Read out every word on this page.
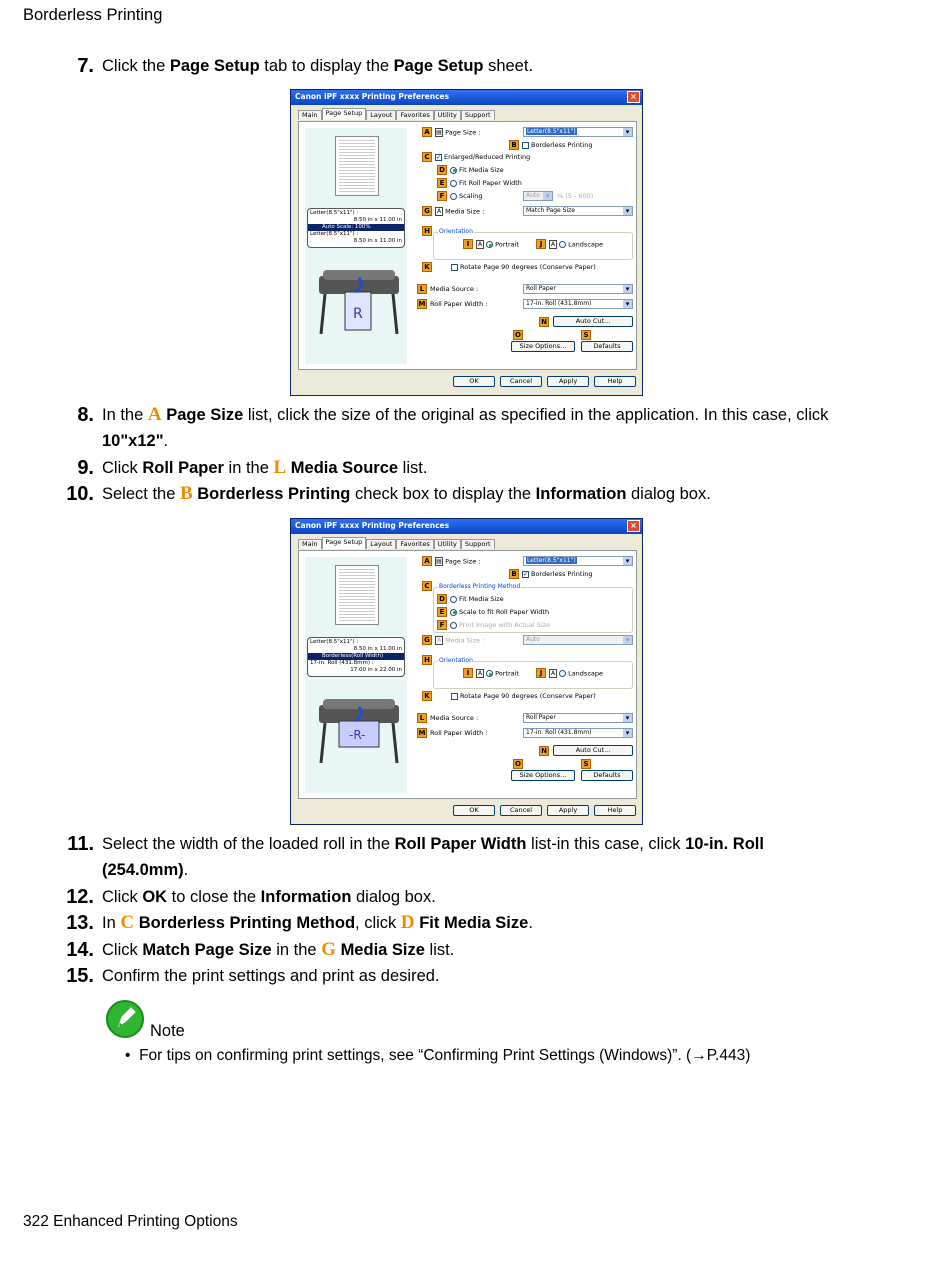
Borderless Printing
7. Click the Page Setup tab to display the Page Setup sheet.
Canon iPF xxxx Printing Preferences	×
Main Page Setup Layout Favorites Utility Support
Letter(8.5"x11") :
8.50 in x 11.00 in
Auto Scale: 100%
Letter(8.5"x11") :
8.50 in x 11.00 in
R
A	▤ Page Size :	Letter(8.5"x11") ▾
B	Borderless Printing
C	✓ Enlarged/Reduced Printing
D	Fit Media Size
E	Fit Roll Paper Width
F	Scaling	Auto ▾	% (5 - 600)
G	A Media Size :	Match Page Size ▾
H	Orientation
I	A Portrait	J	A Landscape
K	Rotate Page 90 degrees (Conserve Paper)
L Media Source :	Roll Paper ▾
M Roll Paper Width :	17-in. Roll (431.8mm) ▾
N	Auto Cut...
O	S
Size Options...	Defaults
OK	Cancel	Apply	Help
8. In the A Page Size list, click the size of the original as specified in the application. In this case, click 10"x12".
9. Click Roll Paper in the L Media Source list.
10. Select the B Borderless Printing check box to display the Information dialog box.
Canon iPF xxxx Printing Preferences	×
Main Page Setup Layout Favorites Utility Support
Letter(8.5"x11") :
8.50 in x 11.00 in
Borderless(Roll Width)
17-in. Roll (431.8mm) :
17.00 in x 22.00 in
-R-
A	▤ Page Size :	Letter(8.5"x11") ▾
B	✓ Borderless Printing
C	Borderless Printing Method
D	Fit Media Size
E	Scale to fit Roll Paper Width
F	Print Image with Actual Size
G	A Media Size :	Auto ▾
H	Orientation
I	A Portrait	J	A Landscape
K	Rotate Page 90 degrees (Conserve Paper)
L Media Source :	Roll Paper ▾
M Roll Paper Width :	17-in. Roll (431.8mm) ▾
N	Auto Cut...
O	S
Size Options...	Defaults
OK	Cancel	Apply	Help
11. Select the width of the loaded roll in the Roll Paper Width list-in this case, click 10-in. Roll (254.0mm).
12. Click OK to close the Information dialog box.
13. In C Borderless Printing Method, click D Fit Media Size.
14. Click Match Page Size in the G Media Size list.
15. Confirm the print settings and print as desired.
Note
• For tips on confirming print settings, see “Confirming Print Settings (Windows)”. (→P.443)
322 Enhanced Printing Options
